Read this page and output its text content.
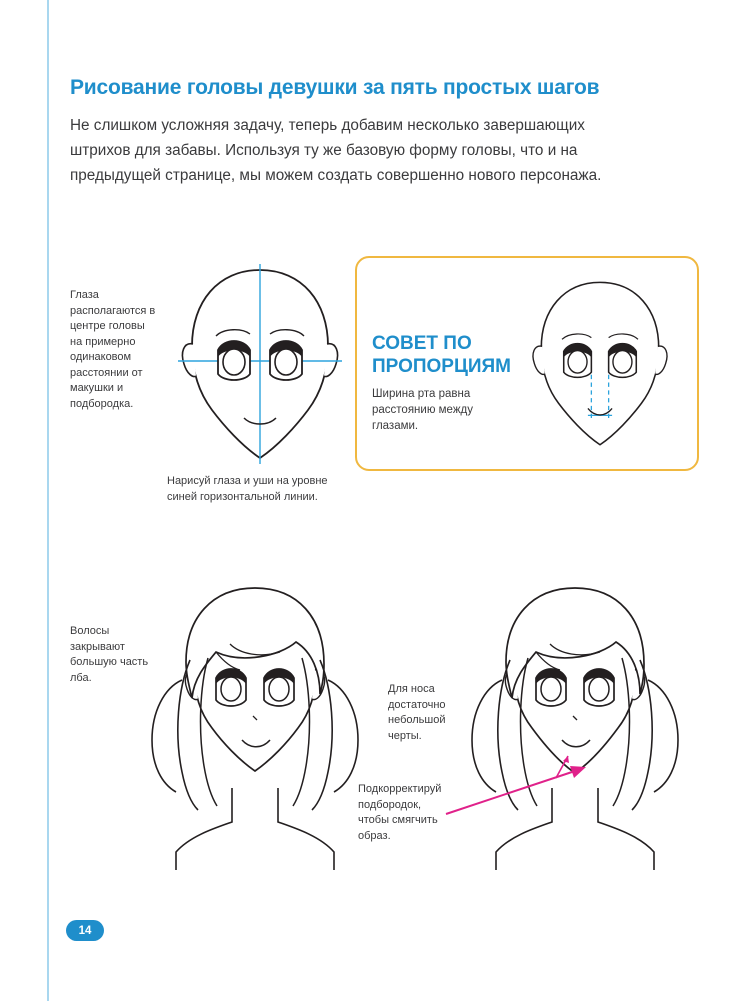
Рисование головы девушки за пять простых шагов
Не слишком усложняя задачу, теперь добавим несколько завершающих штрихов для забавы. Используя ту же базовую форму головы, что и на предыдущей странице, мы можем создать совершенно нового персонажа.
Глаза располагаются в центре головы на примерно одинаковом расстоянии от макушки и подбородка.
Нарисуй глаза и уши на уровне синей горизонтальной линии.
СОВЕТ ПО ПРОПОРЦИЯМ
Ширина рта равна расстоянию между глазами.
Волосы закрывают большую часть лба.
Для носа достаточно небольшой черты.
Подкорректируй подбородок, чтобы смягчить образ.
14
